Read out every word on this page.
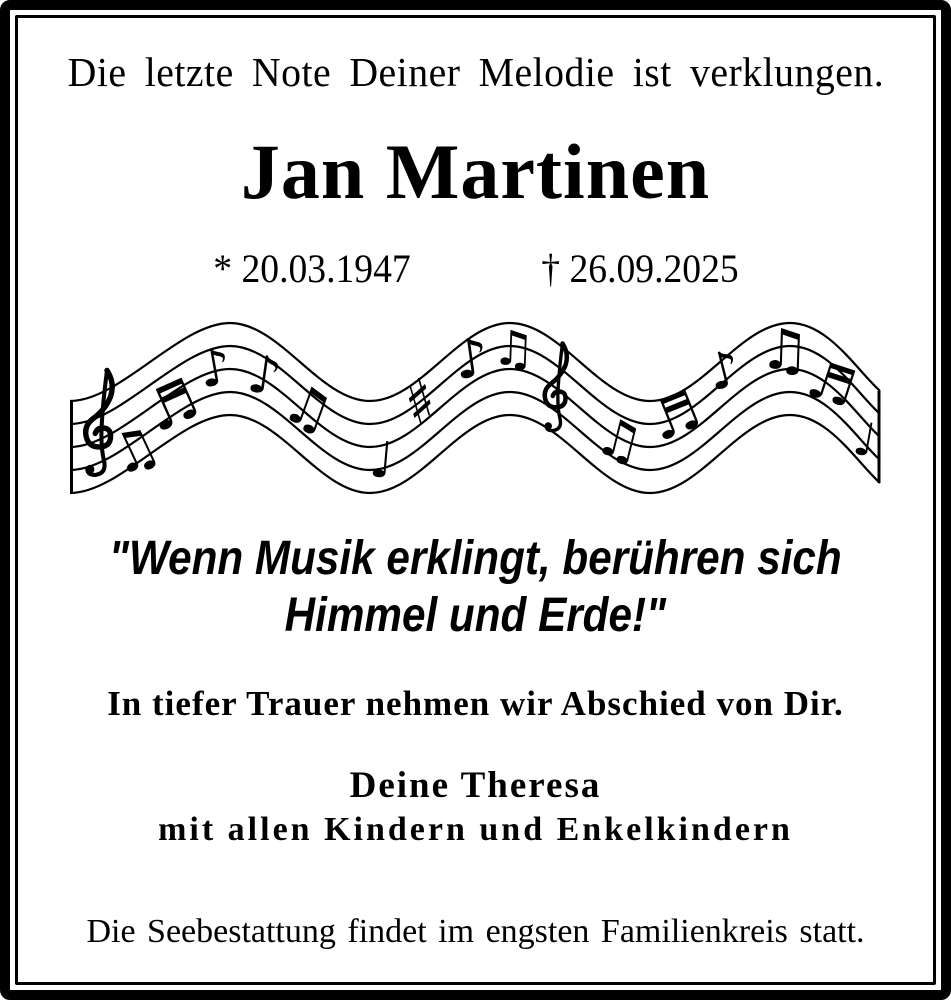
Die letzte Note Deiner Melodie ist verklungen.
Jan Martinen
* 20.03.1947	† 26.09.2025
♫
♬
♪ ♪
♫
♩
♯
♪
♫
♫
♬
♪ ♫
♬
♩
"Wenn Musik erklingt, berühren sich
Himmel und Erde!"
In tiefer Trauer nehmen wir Abschied von Dir.
Deine Theresa
mit allen Kindern und Enkelkindern
Die Seebestattung findet im engsten Familienkreis statt.
